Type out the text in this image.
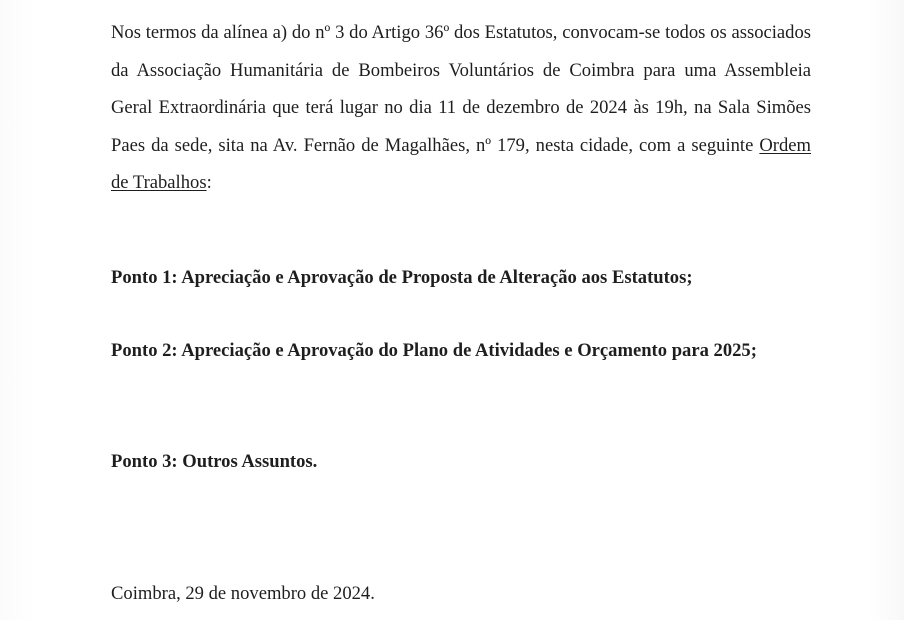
Nos termos da alínea a) do nº 3 do Artigo 36º dos Estatutos, convocam-se todos os associados da Associação Humanitária de Bombeiros Voluntários de Coimbra para uma Assembleia Geral Extraordinária que terá lugar no dia 11 de dezembro de 2024 às 19h, na Sala Simões Paes da sede, sita na Av. Fernão de Magalhães, nº 179, nesta cidade, com a seguinte Ordem de Trabalhos:

Ponto 1: Apreciação e Aprovação de Proposta de Alteração aos Estatutos;

Ponto 2: Apreciação e Aprovação do Plano de Atividades e Orçamento para 2025;

Ponto 3: Outros Assuntos.

Coimbra, 29 de novembro de 2024.
